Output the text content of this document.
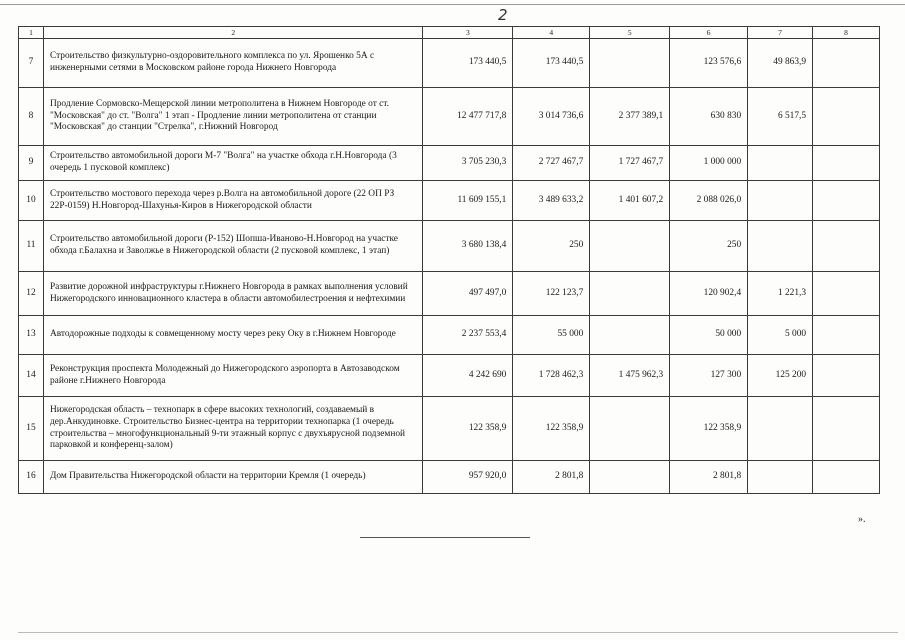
2
1	2	3	4	5	6	7	8
7	Строительство физкультурно-оздоровительного комплекса по ул. Ярошенко 5А с инженерными сетями в Московском районе города Нижнего Новгорода	173 440,5	173 440,5		123 576,6	49 863,9	
8	Продление Сормовско-Мещерской линии метрополитена в Нижнем Новгороде от ст. "Московская" до ст. "Волга" 1 этап - Продление линии метрополитена от станции "Московская" до станции "Стрелка", г.Нижний Новгород	12 477 717,8	3 014 736,6	2 377 389,1	630 830	6 517,5	
9	Строительство автомобильной дороги М-7 "Волга" на участке обхода г.Н.Новгорода (3 очередь 1 пусковой комплекс)	3 705 230,3	2 727 467,7	1 727 467,7	1 000 000		
10	Строительство мостового перехода через р.Волга на автомобильной дороге (22 ОП РЗ 22Р-0159) Н.Новгород-Шахунья-Киров в Нижегородской области	11 609 155,1	3 489 633,2	1 401 607,2	2 088 026,0		
11	Строительство автомобильной дороги (Р-152) Шопша-Иваново-Н.Новгород на участке обхода г.Балахна и Заволжье в Нижегородской области (2 пусковой комплекс, 1 этап)	3 680 138,4	250		250		
12	Развитие дорожной инфраструктуры г.Нижнего Новгорода в рамках выполнения условий Нижегородского инновационного кластера в области автомобилестроения и нефтехимии	497 497,0	122 123,7		120 902,4	1 221,3	
13	Автодорожные подходы к совмещенному мосту через реку Оку в г.Нижнем Новгороде	2 237 553,4	55 000		50 000	5 000	
14	Реконструкция проспекта Молодежный до Нижегородского аэропорта в Автозаводском районе г.Нижнего Новгорода	4 242 690	1 728 462,3	1 475 962,3	127 300	125 200	
15	Нижегородская область – технопарк в сфере высоких технологий, создаваемый в дер.Анкудиновке. Строительство Бизнес-центра на территории технопарка (1 очередь строительства – многофункциональный 9-ти этажный корпус с двухъярусной подземной парковкой и конференц-залом)	122 358,9	122 358,9		122 358,9		
16	Дом Правительства Нижегородской области на территории Кремля (1 очередь)	957 920,0	2 801,8		2 801,8		
».
